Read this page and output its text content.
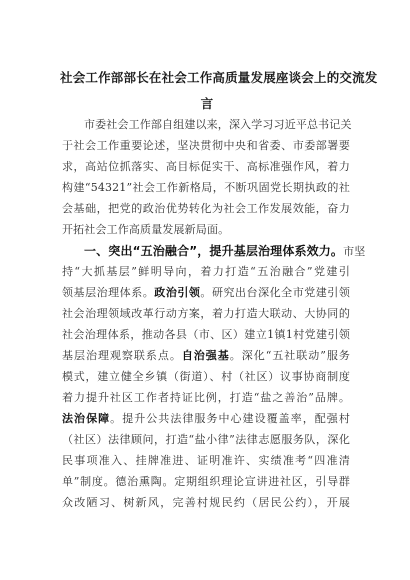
社会工作部部长在社会工作高质量发展座谈会上的交流发
言
市委社会工作部自组建以来，深入学习习近平总书记关
于社会工作重要论述，坚决贯彻中央和省委、市委部署要
求，高站位抓落实、高目标促实干、高标准强作风，着力
构建“54321”社会工作新格局，不断巩固党长期执政的社
会基础，把党的政治优势转化为社会工作发展效能，奋力
开拓社会工作高质量发展新局面。
一、突出“五治融合”，提升基层治理体系效力。市坚
持“大抓基层”鲜明导向，着力打造“五治融合”党建引
领基层治理体系。政治引领。研究出台深化全市党建引领
社会治理领域改革行动方案，着力打造大联动、大协同的
社会治理体系，推动各县（市、区）建立1镇1村党建引领
基层治理观察联系点。自治强基。深化“五社联动”服务
模式，建立健全乡镇（街道）、村（社区）议事协商制度
着力提升社区工作者持证比例，打造“盐之善治”品牌。
法治保障。提升公共法律服务中心建设覆盖率，配强村
（社区）法律顾问，打造“盐小律”法律志愿服务队，深化
民事项准入、挂牌准进、证明准许、实绩准考“四准清
单”制度。德治熏陶。定期组织理论宣讲进社区，引导群
众改陋习、树新风，完善村规民约（居民公约），开展
